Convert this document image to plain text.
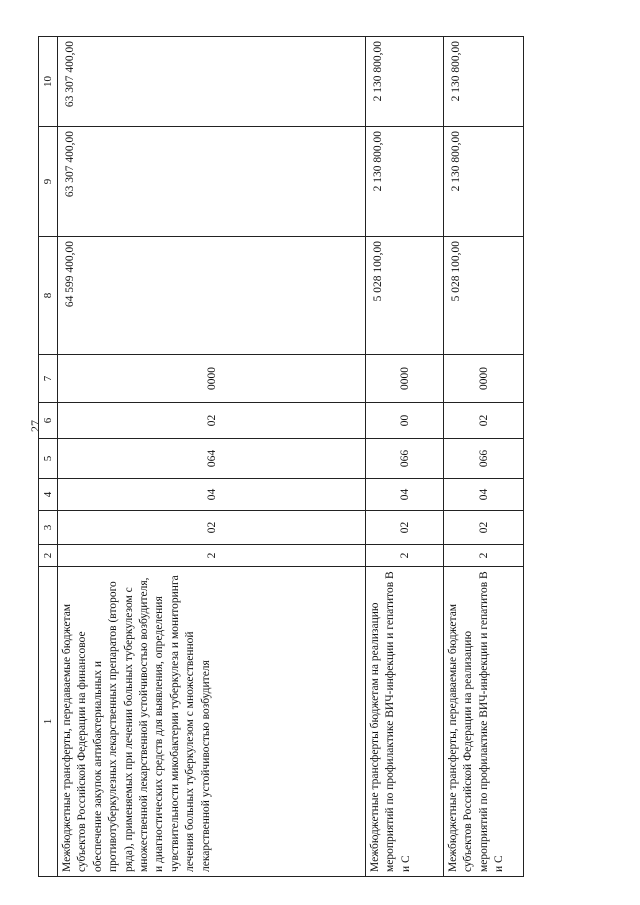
27
1	2	3	4	5	6	7	8	9	10
Межбюджетные трансферты, передаваемые бюджетам субъектов Российской Федерации на финансовое обеспечение закупок антибактериальных и противотуберкулезных лекарственных препаратов (второго ряда), применяемых при лечении больных туберкулезом с множественной лекарственной устойчивостью возбудителя, и диагностических средств для выявления, определения чувствительности микобактерии туберкулеза и мониторинга лечения больных туберкулезом с множественной лекарственной устойчивостью возбудителя	2	02	04	064	02	0000	64 599 400,00	63 307 400,00	63 307 400,00
Межбюджетные трансферты бюджетам на реализацию мероприятий по профилактике ВИЧ-инфекции и гепатитов В и С	2	02	04	066	00	0000	5 028 100,00	2 130 800,00	2 130 800,00
Межбюджетные трансферты, передаваемые бюджетам субъектов Российской Федерации на реализацию мероприятий по профилактике ВИЧ-инфекции и гепатитов В и С	2	02	04	066	02	0000	5 028 100,00	2 130 800,00	2 130 800,00
